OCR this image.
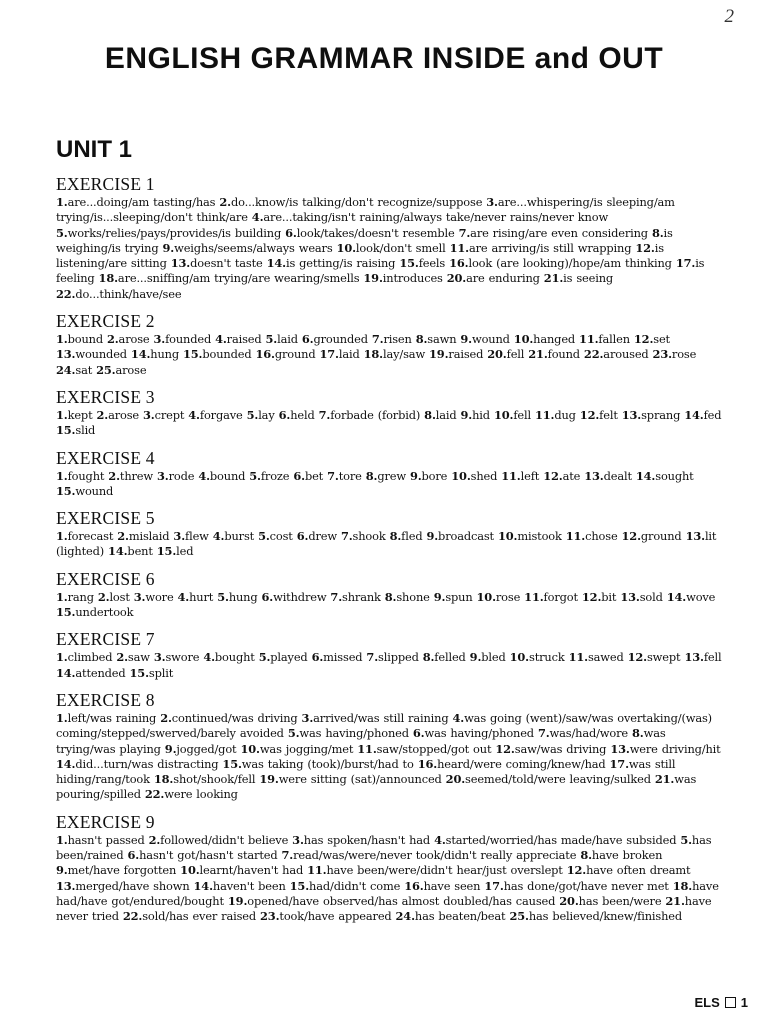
2
ENGLISH GRAMMAR INSIDE and OUT
UNIT 1
EXERCISE 1

1.are...doing/am tasting/has 2.do...know/is talking/don't recognize/suppose 3.are...whispering/is sleeping/am trying/is...sleeping/don't think/are 4.are...taking/isn't raining/always take/never rains/never know 5.works/relies/pays/provides/is building 6.look/takes/doesn't resemble 7.are rising/are even considering 8.is weighing/is trying 9.weighs/seems/always wears 10.look/don't smell 11.are arriving/is still wrapping 12.is listening/are sitting 13.doesn't taste 14.is getting/is raising 15.feels 16.look (are looking)/hope/am thinking 17.is feeling 18.are...sniffing/am trying/are wearing/smells 19.introduces 20.are enduring 21.is seeing 22.do...think/have/see

EXERCISE 2

1.bound 2.arose 3.founded 4.raised 5.laid 6.grounded 7.risen 8.sawn 9.wound 10.hanged 11.fallen 12.set 13.wounded 14.hung 15.bounded 16.ground 17.laid 18.lay/saw 19.raised 20.fell 21.found 22.aroused 23.rose 24.sat 25.arose

EXERCISE 3

1.kept 2.arose 3.crept 4.forgave 5.lay 6.held 7.forbade (forbid) 8.laid 9.hid 10.fell 11.dug 12.felt 13.sprang 14.fed 15.slid

EXERCISE 4

1.fought 2.threw 3.rode 4.bound 5.froze 6.bet 7.tore 8.grew 9.bore 10.shed 11.left 12.ate 13.dealt 14.sought 15.wound

EXERCISE 5

1.forecast 2.mislaid 3.flew 4.burst 5.cost 6.drew 7.shook 8.fled 9.broadcast 10.mistook 11.chose 12.ground 13.lit (lighted) 14.bent 15.led

EXERCISE 6

1.rang 2.lost 3.wore 4.hurt 5.hung 6.withdrew 7.shrank 8.shone 9.spun 10.rose 11.forgot 12.bit 13.sold 14.wove 15.undertook

EXERCISE 7

1.climbed 2.saw 3.swore 4.bought 5.played 6.missed 7.slipped 8.felled 9.bled 10.struck 11.sawed 12.swept 13.fell 14.attended 15.split

EXERCISE 8

1.left/was raining 2.continued/was driving 3.arrived/was still raining 4.was going (went)/saw/was overtaking/(was) coming/stepped/swerved/barely avoided 5.was having/phoned 6.was having/phoned 7.was/had/wore 8.was trying/was playing 9.jogged/got 10.was jogging/met 11.saw/stopped/got out 12.saw/was driving 13.were driving/hit 14.did...turn/was distracting 15.was taking (took)/burst/had to 16.heard/were coming/knew/had 17.was still hiding/rang/took 18.shot/shook/fell 19.were sitting (sat)/announced 20.seemed/told/were leaving/sulked 21.was pouring/spilled 22.were looking

EXERCISE 9

1.hasn't passed 2.followed/didn't believe 3.has spoken/hasn't had 4.started/worried/has made/have subsided 5.has been/rained 6.hasn't got/hasn't started 7.read/was/were/never took/didn't really appreciate 8.have broken 9.met/have forgotten 10.learnt/haven't had 11.have been/were/didn't hear/just overslept 12.have often dreamt 13.merged/have shown 14.haven't been 15.had/didn't come 16.have seen 17.has done/got/have never met 18.have had/have got/endured/bought 19.opened/have observed/has almost doubled/has caused 20.has been/were 21.have never tried 22.sold/has ever raised 23.took/have appeared 24.has beaten/beat 25.has believed/knew/finished

ELS 1
